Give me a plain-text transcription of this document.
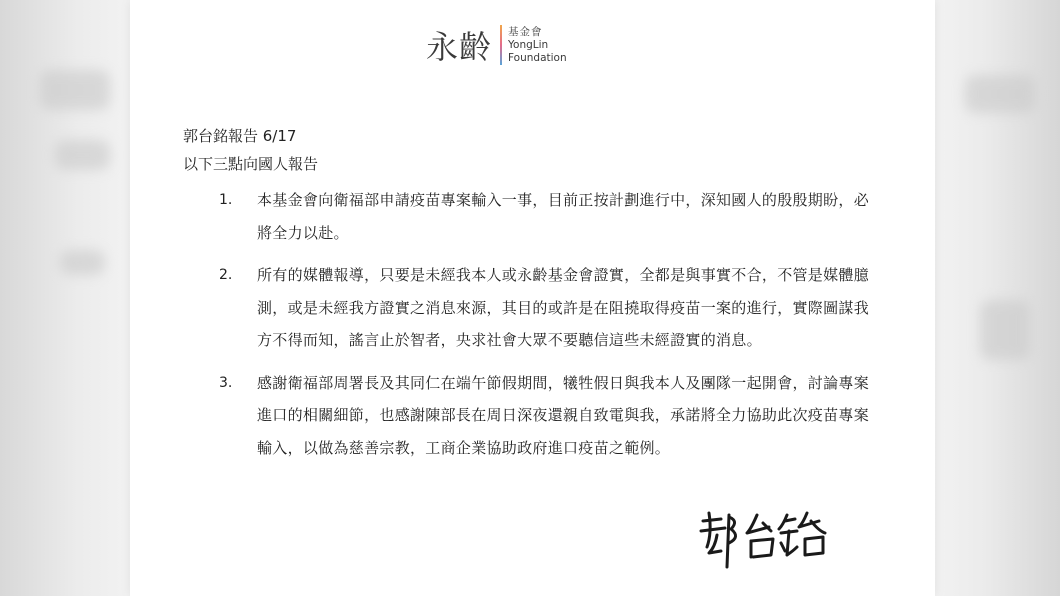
永齡 基金會
YongLin
Foundation
郭台銘報告 6/17
以下三點向國人報告
1. 本基金會向衛福部申請疫苗專案輸入一事，目前正按計劃進行中，深知國人的殷殷期盼，必將全力以赴。
2. 所有的媒體報導，只要是未經我本人或永齡基金會證實，全都是與事實不合，不管是媒體臆測，或是未經我方證實之消息來源，其目的或許是在阻撓取得疫苗一案的進行，實際圖謀我方不得而知，謠言止於智者，央求社會大眾不要聽信這些未經證實的消息。
3. 感謝衛福部周署長及其同仁在端午節假期間，犧牲假日與我本人及團隊一起開會，討論專案進口的相關細節，也感謝陳部長在周日深夜還親自致電與我，承諾將全力協助此次疫苗專案輸入，以做為慈善宗教，工商企業協助政府進口疫苗之範例。
